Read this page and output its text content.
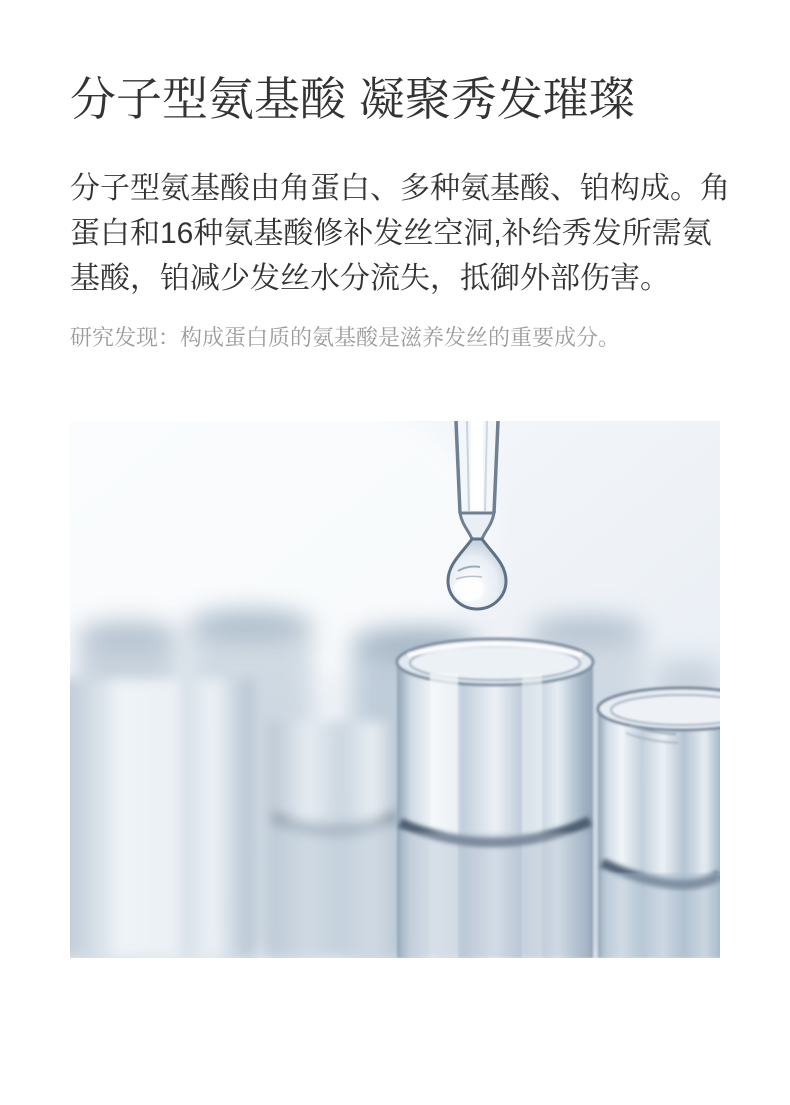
分子型氨基酸 凝聚秀发璀璨

分子型氨基酸由角蛋白、多种氨基酸、铂构成。角蛋白和16种氨基酸修补发丝空洞,补给秀发所需氨基酸，铂减少发丝水分流失，抵御外部伤害。

研究发现：构成蛋白质的氨基酸是滋养发丝的重要成分。
